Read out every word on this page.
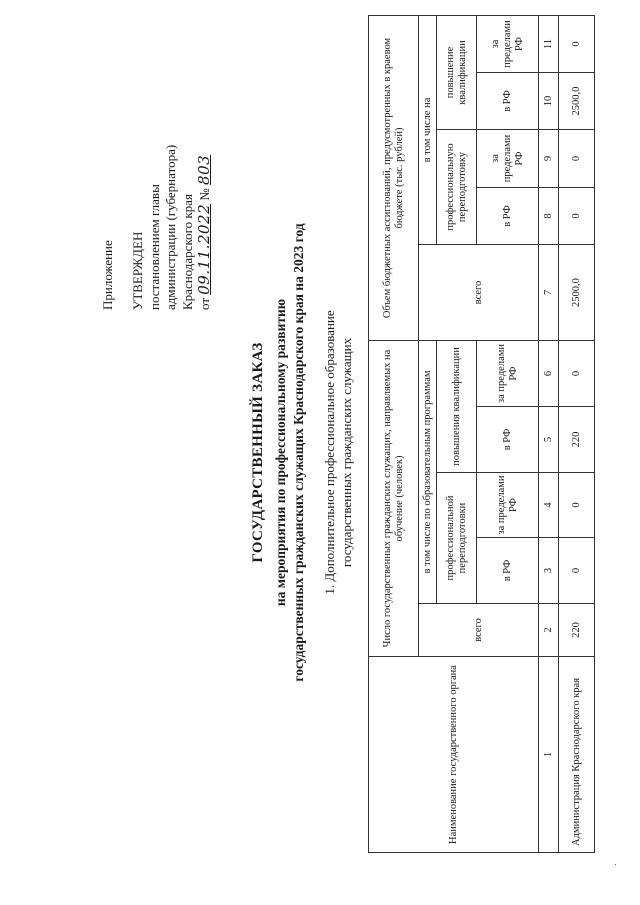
Приложение УТВЕРЖДЕН постановлением главы администрации (губернатора) Краснодарского края от 09.11.2022 № 803
ГОСУДАРСТВЕННЫЙ ЗАКАЗ на мероприятия по профессиональному развитию государственных гражданских служащих Краснодарского края на 2023 год 1. Дополнительное профессиональное образование государственных гражданских служащих
Наименование государственного органа	Число государственных гражданских служащих, направляемых на обучение (человек)					Объем бюджетных ассигнований, предусмотренных в краевом бюджете (тыс. рублей)				
	всего	в том числе по образовательным программам				всего	в том числе на			
		профессиональной переподготовки		повышения квалификации			профессиональную переподготовку		повышение квалификации	
		в РФ	за пределами РФ	в РФ	за пределами РФ		в РФ	за пределами РФ	в РФ	за пределами РФ
1	2	3	4	5	6	7	8	9	10	11
Администрация Краснодарского края	220	0	0	220	0	2500,0	0	0	2500,0	0
